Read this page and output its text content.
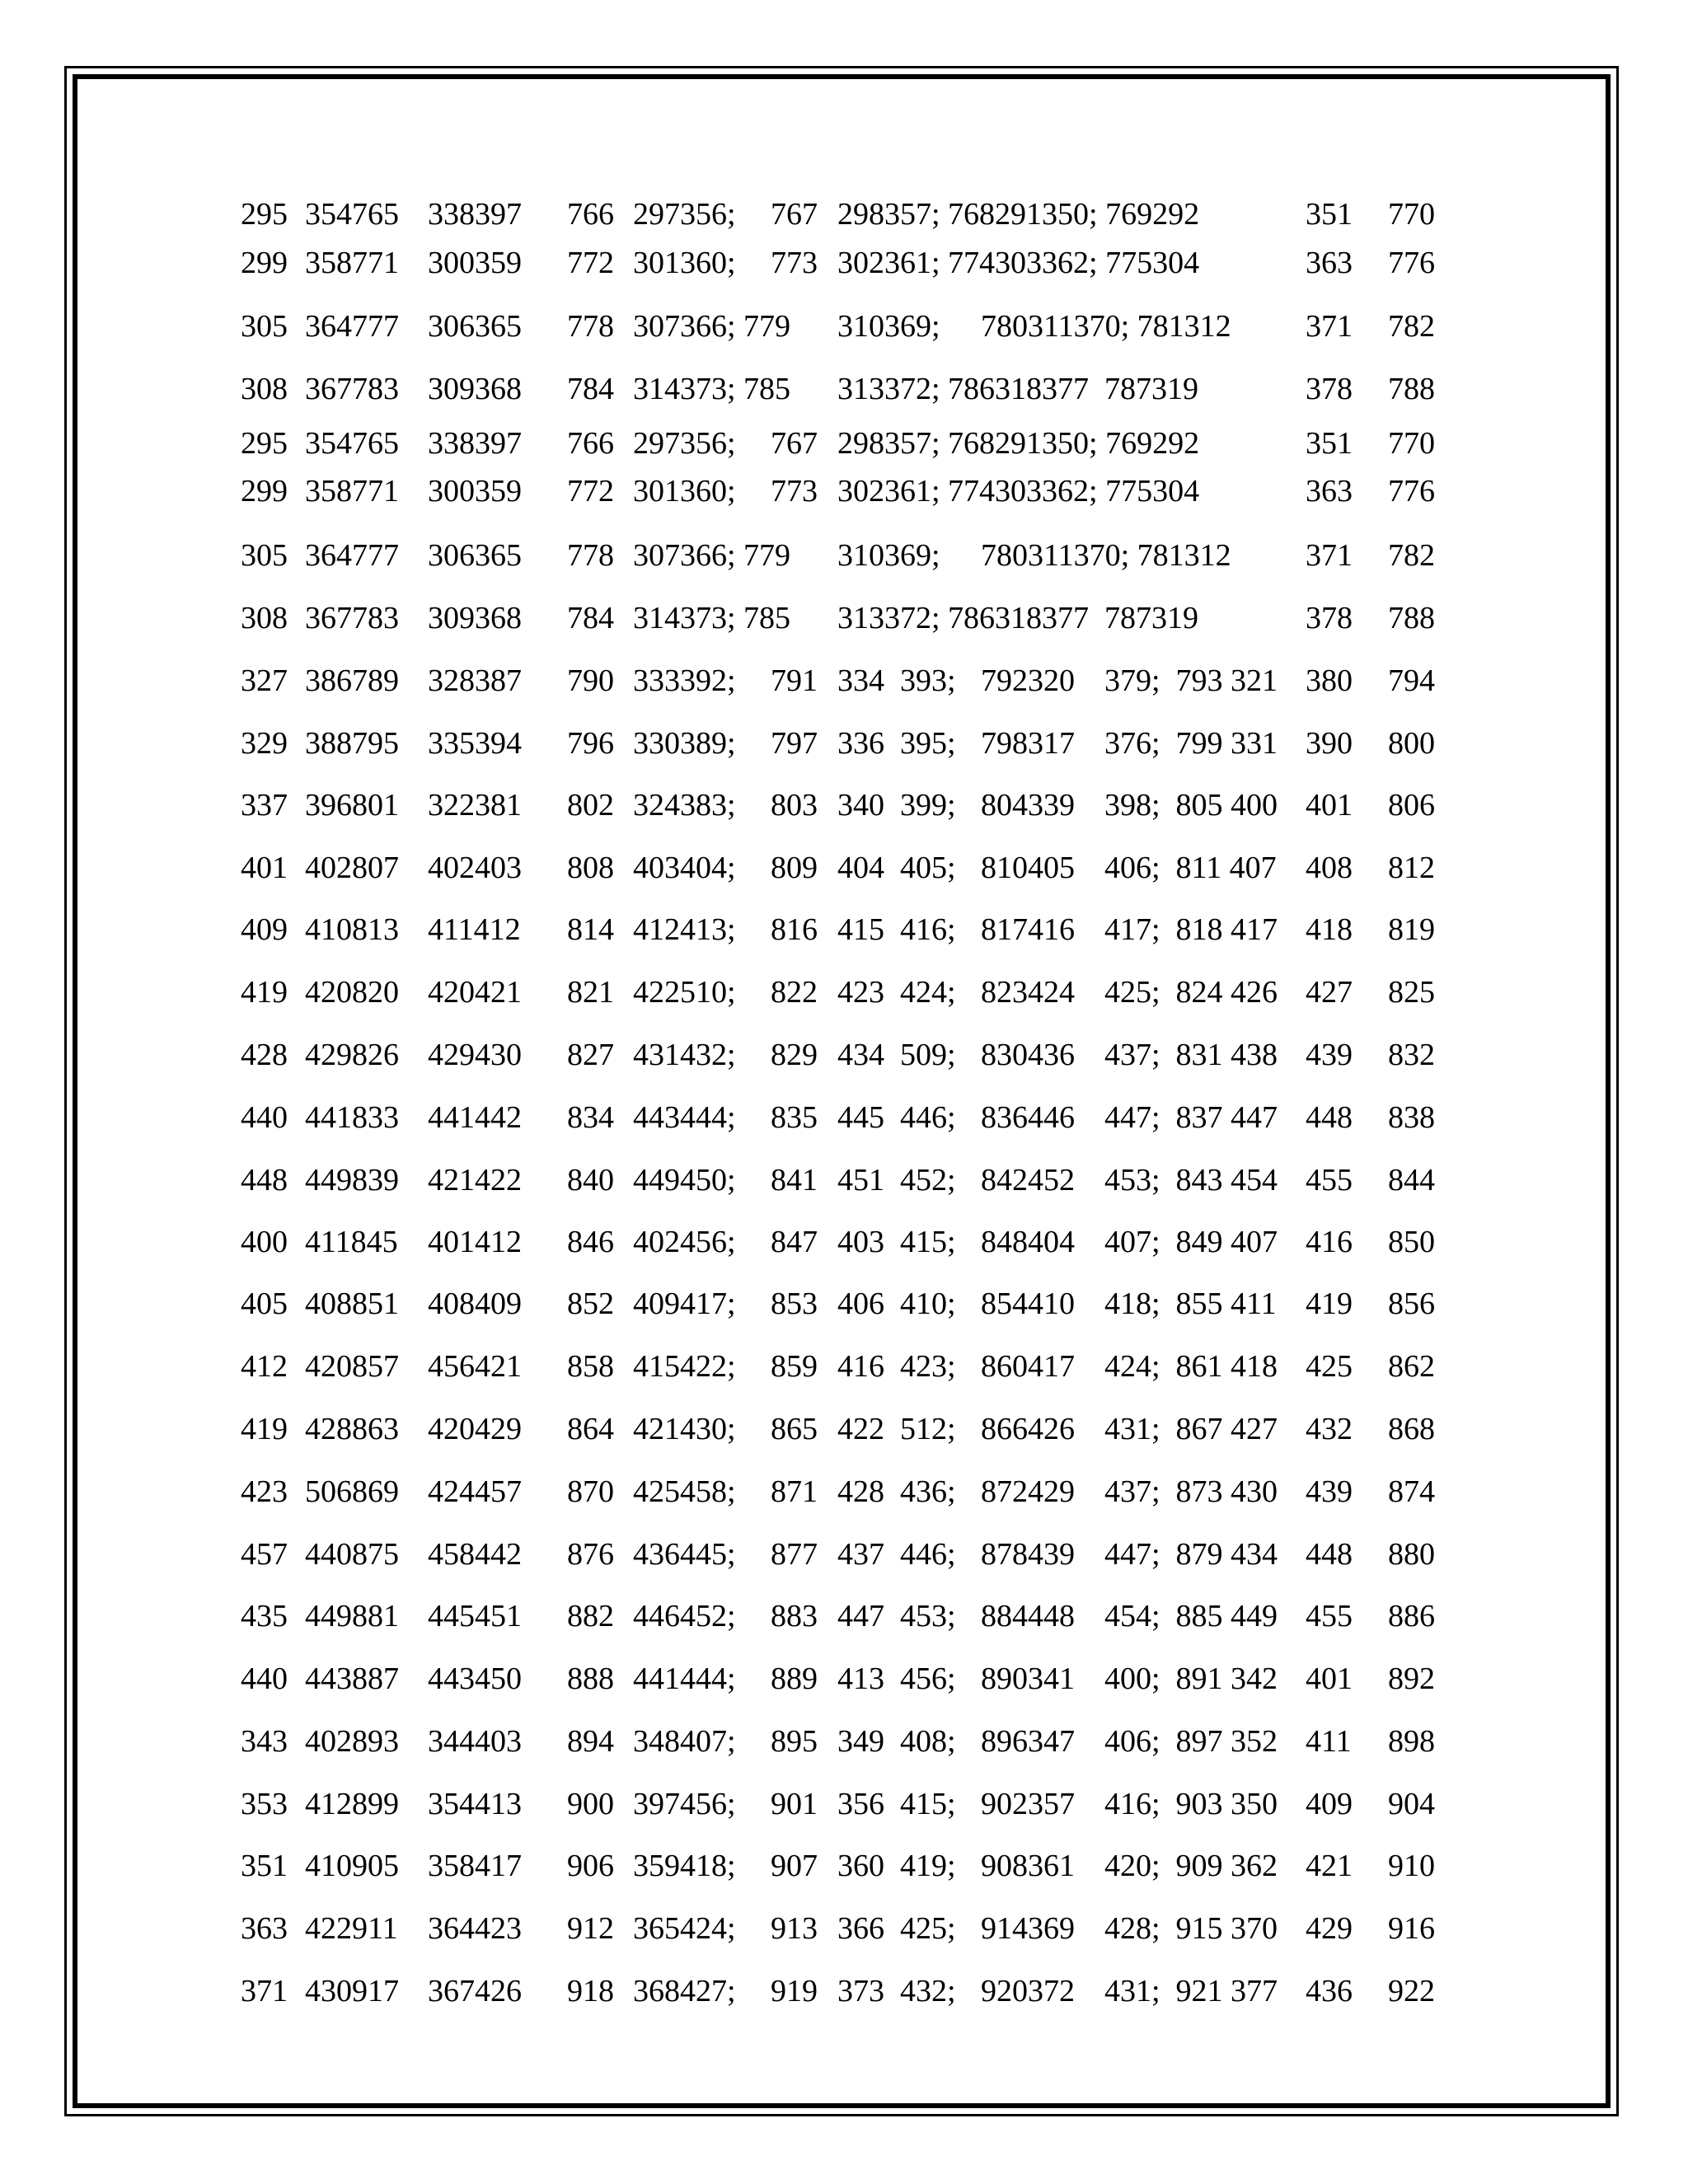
295 354765 338397 766 297356; 767 298357; 768291350; 769292	351 770
299 358771 300359 772 301360; 773 302361; 774303362; 775304	363 776
305 364777 306365 778 307366; 779 310369; 780311370; 781312 371 782
308 367783 309368 784 314373; 785 313372; 786318377 787319	378 788
295 354765 338397 766 297356; 767 298357; 768291350; 769292	351 770
299 358771 300359 772 301360; 773 302361; 774303362; 775304	363 776
305 364777 306365 778 307366; 779 310369; 780311370; 781312 371 782
308 367783 309368 784 314373; 785 313372; 786318377 787319	378 788
327 386789 328387 790 333392; 791 334  393; 792320 379;  793 321 380 794
329 388795 335394 796 330389; 797 336  395; 798317 376;  799 331 390 800
337 396801 322381 802 324383; 803 340  399; 804339 398;  805 400 401 806
401 402807 402403 808 403404; 809 404  405; 810405 406;  811 407 408 812
409 410813 411412 814 412413; 816 415  416; 817416 417;  818 417 418 819
419 420820 420421 821 422510; 822 423  424; 823424 425;  824 426 427 825
428 429826 429430 827 431432; 829 434  509; 830436 437;  831 438 439 832
440 441833 441442 834 443444; 835 445  446; 836446 447;  837 447 448 838
448 449839 421422 840 449450; 841 451  452; 842452 453;  843 454 455 844
400 411845 401412 846 402456; 847 403  415; 848404 407;  849 407 416 850
405 408851 408409 852 409417; 853 406  410; 854410 418;  855 411 419 856
412 420857 456421 858 415422; 859 416  423; 860417 424;  861 418 425 862
419 428863 420429 864 421430; 865 422  512; 866426 431;  867 427 432 868
423 506869 424457 870 425458; 871 428  436; 872429 437;  873 430 439 874
457 440875 458442 876 436445; 877 437  446; 878439 447;  879 434 448 880
435 449881 445451 882 446452; 883 447  453; 884448 454;  885 449 455 886
440 443887 443450 888 441444; 889 413  456; 890341 400;  891 342 401 892
343 402893 344403 894 348407; 895 349  408; 896347 406;  897 352 411 898
353 412899 354413 900 397456; 901 356  415; 902357 416;  903 350 409 904
351 410905 358417 906 359418; 907 360  419; 908361 420;  909 362 421 910
363 422911 364423 912 365424; 913 366  425; 914369 428;  915 370 429 916
371 430917 367426 918 368427; 919 373  432; 920372 431;  921 377 436 922
